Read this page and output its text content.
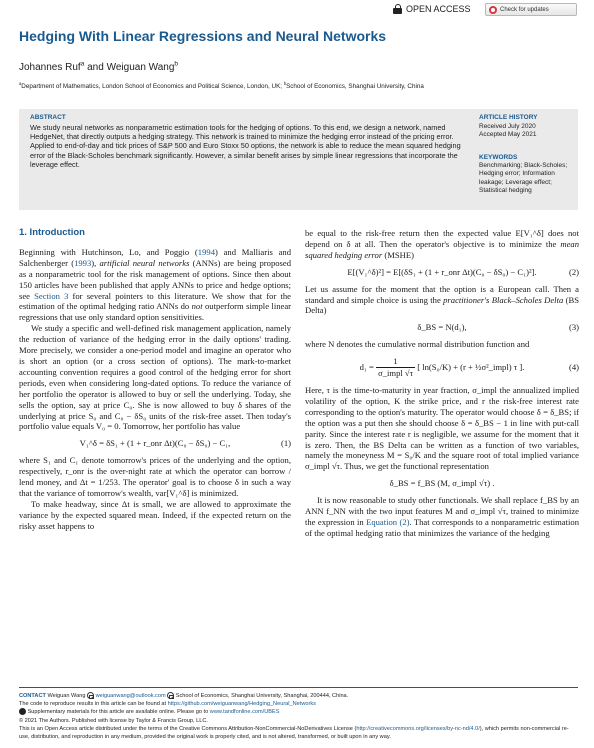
OPEN ACCESS	Check for updates
Hedging With Linear Regressions and Neural Networks
Johannes Ruf$^a$ and Weiguan Wang$^b$
$^a$Department of Mathematics, London School of Economics and Political Science, London, UK; $^b$School of Economics, Shanghai University, China
ABSTRACT
We study neural networks as nonparametric estimation tools for the hedging of options. To this end, we design a network, named HedgeNet, that directly outputs a hedging strategy. This network is trained to minimize the hedging error instead of the pricing error. Applied to end-of-day and tick prices of S&P 500 and Euro Stoxx 50 options, the network is able to reduce the mean squared hedging error of the Black-Scholes benchmark significantly. However, a similar benefit arises by simple linear regressions that incorporate the leverage effect.
ARTICLE HISTORY
Received July 2020
Accepted May 2021
KEYWORDS
Benchmarking; Black-Scholes; Hedging error; Information leakage; Leverage effect; Statistical hedging
1. Introduction

Beginning with Hutchinson, Lo, and Poggio (1994) and Malliaris and Salchenberger (1993), artificial neural networks (ANNs) are being proposed as a nonparametric tool for the risk management of options. Since then about 150 articles have been published that apply ANNs to price and hedge options; see Section 3 for several pointers to this literature. We show that for the estimation of the optimal hedging ratio ANNs do not outperform simple linear regressions that use only standard option sensitivities.

We study a specific and well-defined risk management application, namely the reduction of variance of the hedging error in the daily options' trading. More precisely, we consider a one-period model and imagine an operator who is short an option (or a cross section of options). The mark-to-market accounting convention requires a good control of the hedging error for short periods, even when considering long-dated options. To reduce the variance of her portfolio the operator is allowed to buy or sell the underlying. Today, she sells the option, say at price C₀. She is now allowed to buy δ shares of the underlying at price S₀ and C₀ − δS₀ units of the risk-free asset. Then today's portfolio value equals V₀ = 0. Tomorrow, her portfolio has value

V₁^δ = δS₁ + (1 + r_onr Δt)(C₀ − δS₀) − C₁,	(1)

where S₁ and C₁ denote tomorrow's prices of the underlying and the option, respectively, r_onr is the over-night rate at which the operator can borrow / lend money, and Δt = 1/253. The operator' goal is to choose δ in such a way that the variance of tomorrow's wealth, var[V₁^δ] is minimized.

To make headway, since Δt is small, we are allowed to approximate the variance by the expected squared mean. Indeed, if the expected return on the risky asset happens to

be equal to the risk-free return then the expected value E[V₁^δ] does not depend on δ at all. Then the operator's objective is to minimize the mean squared hedging error (MSHE)

E[(V₁^δ)²] = E[(δS₁ + (1 + r_onr Δt)(C₀ − δS₀) − C₁)²].	(2)

Let us assume for the moment that the option is a European call. Then a standard and simple choice is using the practitioner's Black–Scholes Delta (BS Delta)

δ_BS = N(d₁),	(3)

where N denotes the cumulative normal distribution function and

d₁ =
$\frac{1}{\text{σ\_impl √τ}}$
[ ln(S₀/K) + (r + ½σ²_impl) τ ].	(4)

Here, τ is the time-to-maturity in year fraction, σ_impl the annualized implied volatility of the option, K the strike price, and r the risk-free interest rate corresponding to the option's maturity. The operator would choose δ = δ_BS; if the option was a put then she should choose δ = δ_BS − 1 in line with put-call parity. Since the interest rate r is negligible, we assume for the moment that it is zero. Then, the BS Delta can be written as a function of two variables, namely the moneyness M = S₀/K and the square root of total implied variance σ_impl √τ. Thus, we get the functional representation

δ_BS = f_BS (M, σ_impl √τ) .

It is now reasonable to study other functionals. We shall replace f_BS by an ANN f_NN with the two input features M and σ_impl √τ, trained to minimize the expression in Equation (2). That corresponds to a nonparametric estimation of the optimal hedging ratio that minimizes the variance of the hedging

CONTACT Weiguan Wang weiguanwang@outlook.com School of Economics, Shanghai University, Shanghai, 200444, China.
The code to reproduce results in this article can be found at https://github.com/weiguanwang/Hedging_Neural_Networks
Supplementary materials for this article are available online. Please go to www.tandfonline.com/UBES
© 2021 The Authors. Published with license by Taylor & Francis Group, LLC.
This is an Open Access article distributed under the terms of the Creative Commons Attribution-NonCommercial-NoDerivatives License (http://creativecommons.org/licenses/by-nc-nd/4.0/), which permits non-commercial re-use, distribution, and reproduction in any medium, provided the original work is properly cited, and is not altered, transformed, or built upon in any way.
